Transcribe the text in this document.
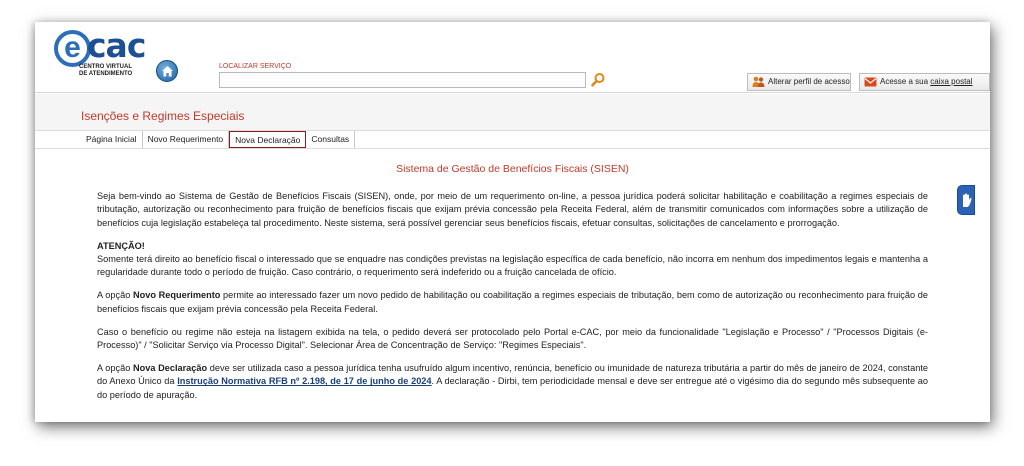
e cac
CENTRO VIRTUAL
DE ATENDIMENTO
LOCALIZAR SERVIÇO
Alterar perfil de acesso	Acesse a sua caixa postal
Isenções e Regimes Especiais
Página Inicial	Novo Requerimento	Nova Declaração	Consultas

Sistema de Gestão de Benefícios Fiscais (SISEN)

Seja bem-vindo ao Sistema de Gestão de Benefícios Fiscais (SISEN), onde, por meio de um requerimento on-line, a pessoa jurídica poderá solicitar habilitação e coabilitação a regimes especiais de tributação, autorização ou reconhecimento para fruição de benefícios fiscais que exijam prévia concessão pela Receita Federal, além de transmitir comunicados com informações sobre a utilização de benefícios cuja legislação estabeleça tal procedimento. Neste sistema, será possível gerenciar seus benefícios fiscais, efetuar consultas, solicitações de cancelamento e prorrogação.

ATENÇÃO!

Somente terá direito ao benefício fiscal o interessado que se enquadre nas condições previstas na legislação específica de cada benefício, não incorra em nenhum dos impedimentos legais e mantenha a regularidade durante todo o período de fruição. Caso contrário, o requerimento será indeferido ou a fruição cancelada de ofício.

A opção Novo Requerimento permite ao interessado fazer um novo pedido de habilitação ou coabilitação a regimes especiais de tributação, bem como de autorização ou reconhecimento para fruição de benefícios fiscais que exijam prévia concessão pela Receita Federal.

Caso o benefício ou regime não esteja na listagem exibida na tela, o pedido deverá ser protocolado pelo Portal e-CAC, por meio da funcionalidade "Legislação e Processo" / "Processos Digitais (e-Processo)" / "Solicitar Serviço via Processo Digital". Selecionar Área de Concentração de Serviço: "Regimes Especiais".

A opção Nova Declaração deve ser utilizada caso a pessoa jurídica tenha usufruído algum incentivo, renúncia, benefício ou imunidade de natureza tributária a partir do mês de janeiro de 2024, constante do Anexo Único da Instrução Normativa RFB nº 2.198, de 17 de junho de 2024. A declaração - Dirbi, tem periodicidade mensal e deve ser entregue até o vigésimo dia do segundo mês subsequente ao do período de apuração.
